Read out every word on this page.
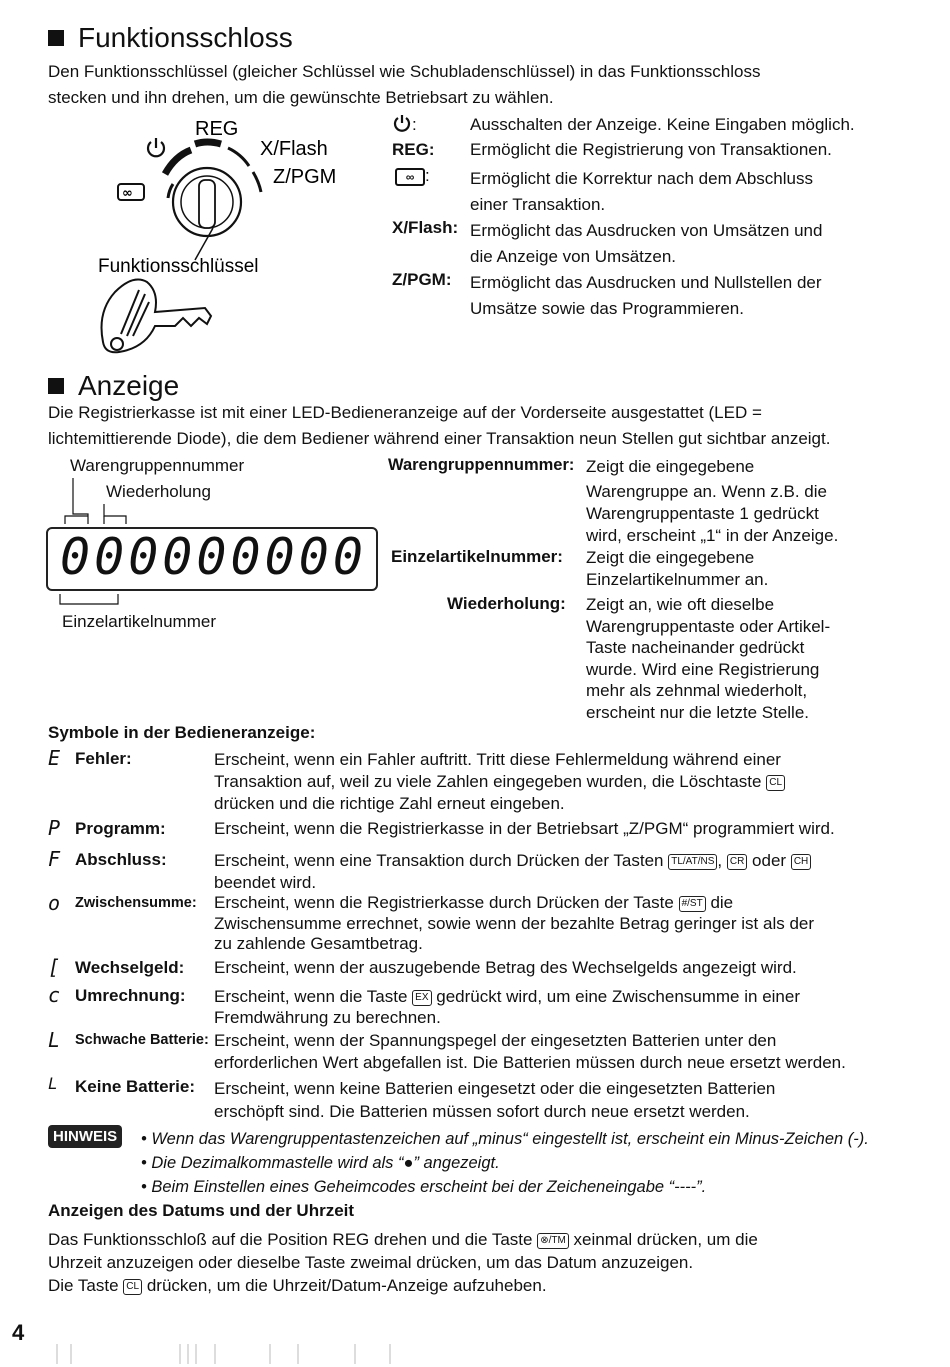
Funktionsschloss
Den Funktionsschlüssel (gleicher Schlüssel wie Schubladenschlüssel) in das Funktionsschloss
stecken und ihn drehen, um die gewünschte Betriebsart zu wählen.
REG
X/Flash
Z/PGM
∞
Funktionsschlüssel
:	Ausschalten der Anzeige. Keine Eingaben möglich.
REG: Ermöglicht die Registrierung von Transaktionen.
∞ : Ermöglicht die Korrektur nach dem Abschluss
einer Transaktion.
X/Flash: Ermöglicht das Ausdrucken von Umsätzen und
die Anzeige von Umsätzen.
Z/PGM: Ermöglicht das Ausdrucken und Nullstellen der
Umsätze sowie das Programmieren.
Anzeige
Die Registrierkasse ist mit einer LED-Bedieneranzeige auf der Vorderseite ausgestattet (LED =
lichtemittierende Diode), die dem Bediener während einer Transaktion neun Stellen gut sichtbar anzeigt.
Warengruppennummer
Wiederholung
000000000
Einzelartikelnummer
Warengruppennummer: Zeigt die eingegebene
Warengruppe an. Wenn z.B. die
Warengruppentaste 1 gedrückt
wird, erscheint „1“ in der Anzeige.
Einzelartikelnummer: Zeigt die eingegebene
Einzelartikelnummer an.
Wiederholung: Zeigt an, wie oft dieselbe
Warengruppentaste oder Artikel-
Taste nacheinander gedrückt
wurde. Wird eine Registrierung
mehr als zehnmal wiederholt,
erscheint nur die letzte Stelle.
Symbole in der Bedieneranzeige:
E Fehler:	Erscheint, wenn ein Fahler auftritt. Tritt diese Fehlermeldung während einer
Transaktion auf, weil zu viele Zahlen eingegeben wurden, die Löschtaste CL
drücken und die richtige Zahl erneut eingeben.
P Programm:	Erscheint, wenn die Registrierkasse in der Betriebsart „Z/PGM“ programmiert wird.
F Abschluss:	Erscheint, wenn eine Transaktion durch Drücken der Tasten TL/AT/NS , CR oder CH
beendet wird.
o Zwischensumme: Erscheint, wenn die Registrierkasse durch Drücken der Taste #/ST die
Zwischensumme errechnet, sowie wenn der bezahlte Betrag geringer ist als der
zu zahlende Gesamtbetrag.
[ Wechselgeld: Erscheint, wenn der auszugebende Betrag des Wechselgelds angezeigt wird.
c Umrechnung: Erscheint, wenn die Taste EX gedrückt wird, um eine Zwischensumme in einer
Fremdwährung zu berechnen.
L Schwache Batterie: Erscheint, wenn der Spannungspegel der eingesetzten Batterien unter den
erforderlichen Wert abgefallen ist. Die Batterien müssen durch neue ersetzt werden.
L Keine Batterie: Erscheint, wenn keine Batterien eingesetzt oder die eingesetzten Batterien
erschöpft sind. Die Batterien müssen sofort durch neue ersetzt werden.
HINWEIS	• Wenn das Warengruppentastenzeichen auf „minus“ eingestellt ist, erscheint ein Minus-Zeichen (-).
• Die Dezimalkommastelle wird als “●” angezeigt.
• Beim Einstellen eines Geheimcodes erscheint bei der Zeicheneingabe “----”.
Anzeigen des Datums und der Uhrzeit
Das Funktionsschloß auf die Position REG drehen und die Taste ⊗/TM xeinmal drücken, um die
Uhrzeit anzuzeigen oder dieselbe Taste zweimal drücken, um das Datum anzuzeigen.
Die Taste CL drücken, um die Uhrzeit/Datum-Anzeige aufzuheben.
4
